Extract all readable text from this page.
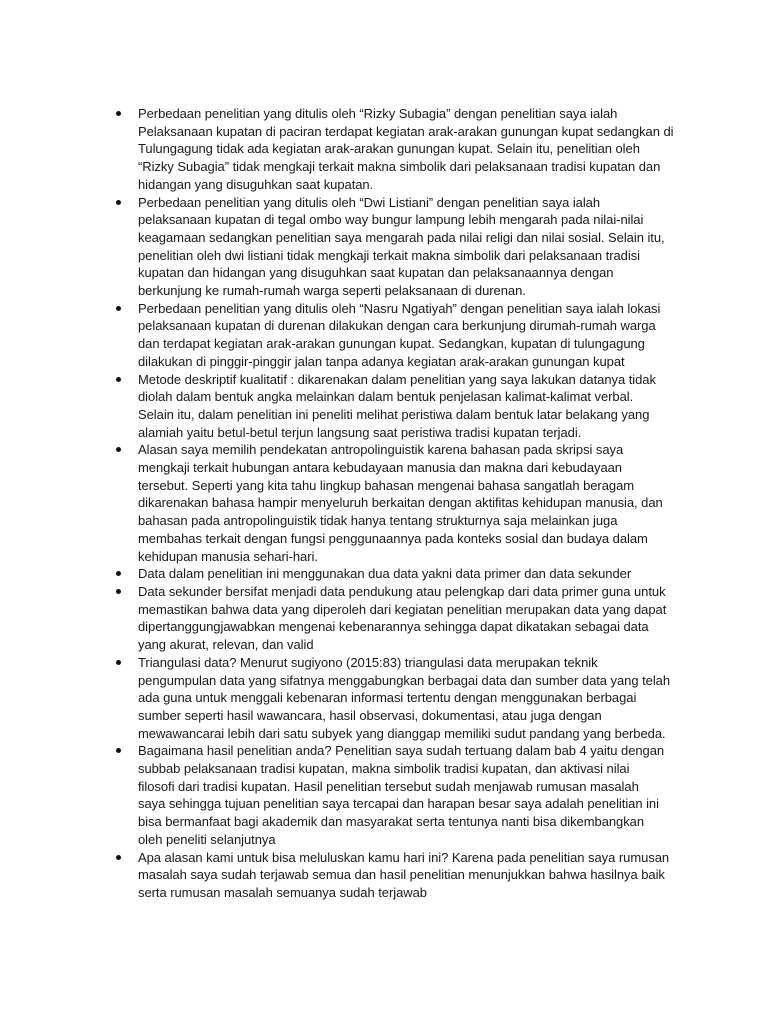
Perbedaan penelitian yang ditulis oleh “Rizky Subagia” dengan penelitian saya ialah
Pelaksanaan kupatan di paciran terdapat kegiatan arak-arakan gunungan kupat sedangkan di
Tulungagung tidak ada kegiatan arak-arakan gunungan kupat. Selain itu, penelitian oleh
“Rizky Subagia” tidak mengkaji terkait makna simbolik dari pelaksanaan tradisi kupatan dan
hidangan yang disuguhkan saat kupatan.

Perbedaan penelitian yang ditulis oleh “Dwi Listiani” dengan penelitian saya ialah
pelaksanaan kupatan di tegal ombo way bungur lampung lebih mengarah pada nilai-nilai
keagamaan sedangkan penelitian saya mengarah pada nilai religi dan nilai sosial. Selain itu,
penelitian oleh dwi listiani tidak mengkaji terkait makna simbolik dari pelaksanaan tradisi
kupatan dan hidangan yang disuguhkan saat kupatan dan pelaksanaannya dengan
berkunjung ke rumah-rumah warga seperti pelaksanaan di durenan.

Perbedaan penelitian yang ditulis oleh “Nasru Ngatiyah” dengan penelitian saya ialah lokasi
pelaksanaan kupatan di durenan dilakukan dengan cara berkunjung dirumah-rumah warga
dan terdapat kegiatan arak-arakan gunungan kupat. Sedangkan, kupatan di tulungagung
dilakukan di pinggir-pinggir jalan tanpa adanya kegiatan arak-arakan gunungan kupat

Metode deskriptif kualitatif : dikarenakan dalam penelitian yang saya lakukan datanya tidak
diolah dalam bentuk angka melainkan dalam bentuk penjelasan kalimat-kalimat verbal.
Selain itu, dalam penelitian ini peneliti melihat peristiwa dalam bentuk latar belakang yang
alamiah yaitu betul-betul terjun langsung saat peristiwa tradisi kupatan terjadi.

Alasan saya memilih pendekatan antropolinguistik karena bahasan pada skripsi saya
mengkaji terkait hubungan antara kebudayaan manusia dan makna dari kebudayaan
tersebut. Seperti yang kita tahu lingkup bahasan mengenai bahasa sangatlah beragam
dikarenakan bahasa hampir menyeluruh berkaitan dengan aktifitas kehidupan manusia, dan
bahasan pada antropolinguistik tidak hanya tentang strukturnya saja melainkan juga
membahas terkait dengan fungsi penggunaannya pada konteks sosial dan budaya dalam
kehidupan manusia sehari-hari.

Data dalam penelitian ini menggunakan dua data yakni data primer dan data sekunder

Data sekunder bersifat menjadi data pendukung atau pelengkap dari data primer guna untuk
memastikan bahwa data yang diperoleh dari kegiatan penelitian merupakan data yang dapat
dipertanggungjawabkan mengenai kebenarannya sehingga dapat dikatakan sebagai data
yang akurat, relevan, dan valid

Triangulasi data? Menurut sugiyono (2015:83) triangulasi data merupakan teknik
pengumpulan data yang sifatnya menggabungkan berbagai data dan sumber data yang telah
ada guna untuk menggali kebenaran informasi tertentu dengan menggunakan berbagai
sumber seperti hasil wawancara, hasil observasi, dokumentasi, atau juga dengan
mewawancarai lebih dari satu subyek yang dianggap memiliki sudut pandang yang berbeda.

Bagaimana hasil penelitian anda? Penelitian saya sudah tertuang dalam bab 4 yaitu dengan
subbab pelaksanaan tradisi kupatan, makna simbolik tradisi kupatan, dan aktivasi nilai
filosofi dari tradisi kupatan. Hasil penelitian tersebut sudah menjawab rumusan masalah
saya sehingga tujuan penelitian saya tercapai dan harapan besar saya adalah penelitian ini
bisa bermanfaat bagi akademik dan masyarakat serta tentunya nanti bisa dikembangkan
oleh peneliti selanjutnya

Apa alasan kami untuk bisa meluluskan kamu hari ini? Karena pada penelitian saya rumusan
masalah saya sudah terjawab semua dan hasil penelitian menunjukkan bahwa hasilnya baik
serta rumusan masalah semuanya sudah terjawab
